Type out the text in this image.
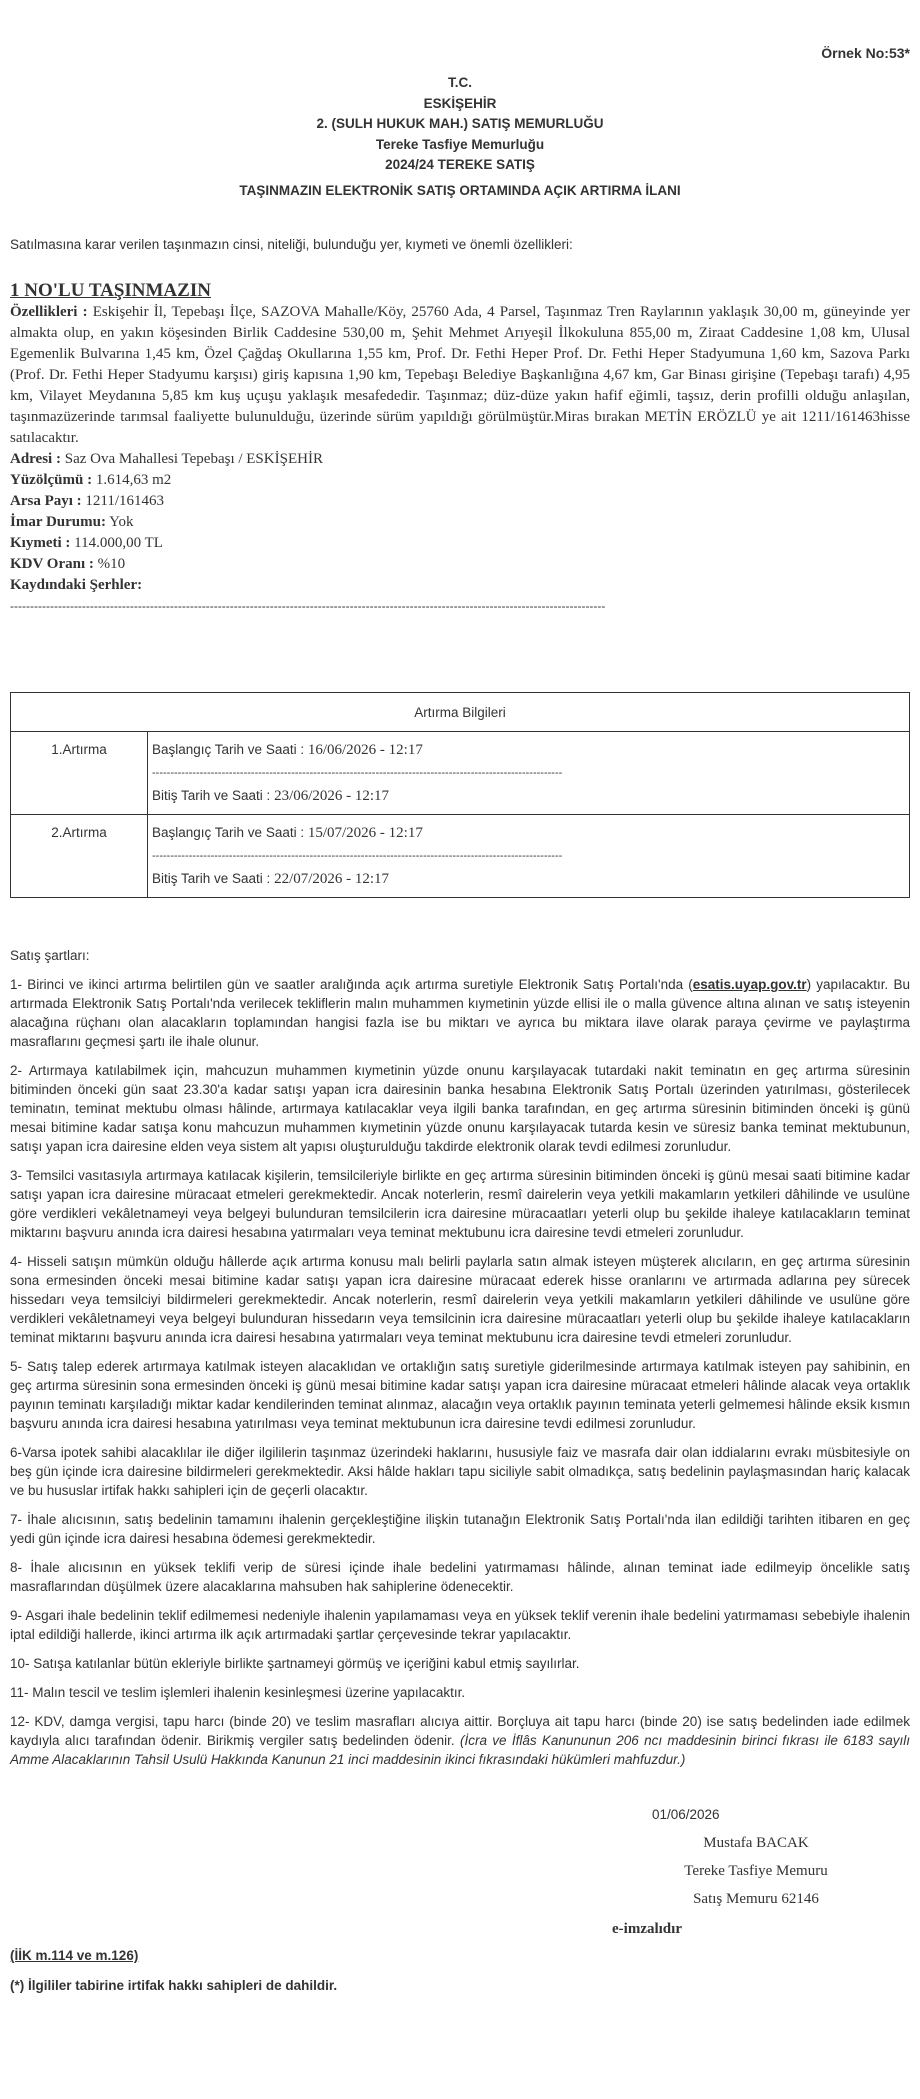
Örnek No:53*
T.C.
ESKİŞEHİR
2. (SULH HUKUK MAH.) SATIŞ MEMURLUĞU
Tereke Tasfiye Memurluğu
2024/24 TEREKE SATIŞ
TAŞINMAZIN ELEKTRONİK SATIŞ ORTAMINDA AÇIK ARTIRMA İLANI
Satılmasına karar verilen taşınmazın cinsi, niteliği, bulunduğu yer, kıymeti ve önemli özellikleri:
1 NO'LU TAŞINMAZIN
Özellikleri : Eskişehir İl, Tepebaşı İlçe, SAZOVA Mahalle/Köy, 25760 Ada, 4 Parsel, Taşınmaz Tren Raylarının yaklaşık 30,00 m, güneyinde yer almakta olup, en yakın köşesinden Birlik Caddesine 530,00 m, Şehit Mehmet Arıyeşil İlkokuluna 855,00 m, Ziraat Caddesine 1,08 km, Ulusal Egemenlik Bulvarına 1,45 km, Özel Çağdaş Okullarına 1,55 km, Prof. Dr. Fethi Heper Prof. Dr. Fethi Heper Stadyumuna 1,60 km, Sazova Parkı (Prof. Dr. Fethi Heper Stadyumu karşısı) giriş kapısına 1,90 km, Tepebaşı Belediye Başkanlığına 4,67 km, Gar Binası girişine (Tepebaşı tarafı) 4,95 km, Vilayet Meydanına 5,85 km kuş uçuşu yaklaşık mesafededir. Taşınmaz; düz-düze yakın hafif eğimli, taşsız, derin profilli olduğu anlaşılan, taşınmazüzerinde tarımsal faaliyette bulunulduğu, üzerinde sürüm yapıldığı görülmüştür.Miras bırakan METİN ERÖZLÜ ye ait 1211/161463hisse satılacaktır.
Adresi : Saz Ova Mahallesi Tepebaşı / ESKİŞEHİR
Yüzölçümü : 1.614,63 m2
Arsa Payı : 1211/161463
İmar Durumu: Yok
Kıymeti : 114.000,00 TL
KDV Oranı : %10
Kaydındaki Şerhler:
-----------------------------------------------------------------------------------------------------------------------------------------------------
Artırma Bilgileri	
1.Artırma	Başlangıç Tarih ve Saati : 16/06/2026 - 12:17
----------------------------------------------------------------------------------------------------------------
Bitiş Tarih ve Saati : 23/06/2026 - 12:17

2.Artırma	Başlangıç Tarih ve Saati : 15/07/2026 - 12:17
----------------------------------------------------------------------------------------------------------------
Bitiş Tarih ve Saati : 22/07/2026 - 12:17

Satış şartları:

1- Birinci ve ikinci artırma belirtilen gün ve saatler aralığında açık artırma suretiyle Elektronik Satış Portalı'nda (esatis.uyap.gov.tr) yapılacaktır. Bu artırmada Elektronik Satış Portalı'nda verilecek tekliflerin malın muhammen kıymetinin yüzde ellisi ile o malla güvence altına alınan ve satış isteyenin alacağına rüçhanı olan alacakların toplamından hangisi fazla ise bu miktarı ve ayrıca bu miktara ilave olarak paraya çevirme ve paylaştırma masraflarını geçmesi şartı ile ihale olunur.

2- Artırmaya katılabilmek için, mahcuzun muhammen kıymetinin yüzde onunu karşılayacak tutardaki nakit teminatın en geç artırma süresinin bitiminden önceki gün saat 23.30'a kadar satışı yapan icra dairesinin banka hesabına Elektronik Satış Portalı üzerinden yatırılması, gösterilecek teminatın, teminat mektubu olması hâlinde, artırmaya katılacaklar veya ilgili banka tarafından, en geç artırma süresinin bitiminden önceki iş günü mesai bitimine kadar satışa konu mahcuzun muhammen kıymetinin yüzde onunu karşılayacak tutarda kesin ve süresiz banka teminat mektubunun, satışı yapan icra dairesine elden veya sistem alt yapısı oluşturulduğu takdirde elektronik olarak tevdi edilmesi zorunludur.

3- Temsilci vasıtasıyla artırmaya katılacak kişilerin, temsilcileriyle birlikte en geç artırma süresinin bitiminden önceki iş günü mesai saati bitimine kadar satışı yapan icra dairesine müracaat etmeleri gerekmektedir. Ancak noterlerin, resmî dairelerin veya yetkili makamların yetkileri dâhilinde ve usulüne göre verdikleri vekâletnameyi veya belgeyi bulunduran temsilcilerin icra dairesine müracaatları yeterli olup bu şekilde ihaleye katılacakların teminat miktarını başvuru anında icra dairesi hesabına yatırmaları veya teminat mektubunu icra dairesine tevdi etmeleri zorunludur.

4- Hisseli satışın mümkün olduğu hâllerde açık artırma konusu malı belirli paylarla satın almak isteyen müşterek alıcıların, en geç artırma süresinin sona ermesinden önceki mesai bitimine kadar satışı yapan icra dairesine müracaat ederek hisse oranlarını ve artırmada adlarına pey sürecek hissedarı veya temsilciyi bildirmeleri gerekmektedir. Ancak noterlerin, resmî dairelerin veya yetkili makamların yetkileri dâhilinde ve usulüne göre verdikleri vekâletnameyi veya belgeyi bulunduran hissedarın veya temsilcinin icra dairesine müracaatları yeterli olup bu şekilde ihaleye katılacakların teminat miktarını başvuru anında icra dairesi hesabına yatırmaları veya teminat mektubunu icra dairesine tevdi etmeleri zorunludur.

5- Satış talep ederek artırmaya katılmak isteyen alacaklıdan ve ortaklığın satış suretiyle giderilmesinde artırmaya katılmak isteyen pay sahibinin, en geç artırma süresinin sona ermesinden önceki iş günü mesai bitimine kadar satışı yapan icra dairesine müracaat etmeleri hâlinde alacak veya ortaklık payının teminatı karşıladığı miktar kadar kendilerinden teminat alınmaz, alacağın veya ortaklık payının teminata yeterli gelmemesi hâlinde eksik kısmın başvuru anında icra dairesi hesabına yatırılması veya teminat mektubunun icra dairesine tevdi edilmesi zorunludur.

6-Varsa ipotek sahibi alacaklılar ile diğer ilgililerin taşınmaz üzerindeki haklarını, hususiyle faiz ve masrafa dair olan iddialarını evrakı müsbitesiyle on beş gün içinde icra dairesine bildirmeleri gerekmektedir. Aksi hâlde hakları tapu siciliyle sabit olmadıkça, satış bedelinin paylaşmasından hariç kalacak ve bu hususlar irtifak hakkı sahipleri için de geçerli olacaktır.

7- İhale alıcısının, satış bedelinin tamamını ihalenin gerçekleştiğine ilişkin tutanağın Elektronik Satış Portalı'nda ilan edildiği tarihten itibaren en geç yedi gün içinde icra dairesi hesabına ödemesi gerekmektedir.

8- İhale alıcısının en yüksek teklifi verip de süresi içinde ihale bedelini yatırmaması hâlinde, alınan teminat iade edilmeyip öncelikle satış masraflarından düşülmek üzere alacaklarına mahsuben hak sahiplerine ödenecektir.

9- Asgari ihale bedelinin teklif edilmemesi nedeniyle ihalenin yapılamaması veya en yüksek teklif verenin ihale bedelini yatırmaması sebebiyle ihalenin iptal edildiği hallerde, ikinci artırma ilk açık artırmadaki şartlar çerçevesinde tekrar yapılacaktır.

10- Satışa katılanlar bütün ekleriyle birlikte şartnameyi görmüş ve içeriğini kabul etmiş sayılırlar.

11- Malın tescil ve teslim işlemleri ihalenin kesinleşmesi üzerine yapılacaktır.

12- KDV, damga vergisi, tapu harcı (binde 20) ve teslim masrafları alıcıya aittir. Borçluya ait tapu harcı (binde 20) ise satış bedelinden iade edilmek kaydıyla alıcı tarafından ödenir. Birikmiş vergiler satış bedelinden ödenir. (İcra ve İflâs Kanununun 206 ncı maddesinin birinci fıkrası ile 6183 sayılı Amme Alacaklarının Tahsil Usulü Hakkında Kanunun 21 inci maddesinin ikinci fıkrasındaki hükümleri mahfuzdur.)

01/06/2026
Mustafa BACAK
Tereke Tasfiye Memuru
Satış Memuru 62146
e-imzalıdır
(İİK m.114 ve m.126)
(*) İlgililer tabirine irtifak hakkı sahipleri de dahildir.
